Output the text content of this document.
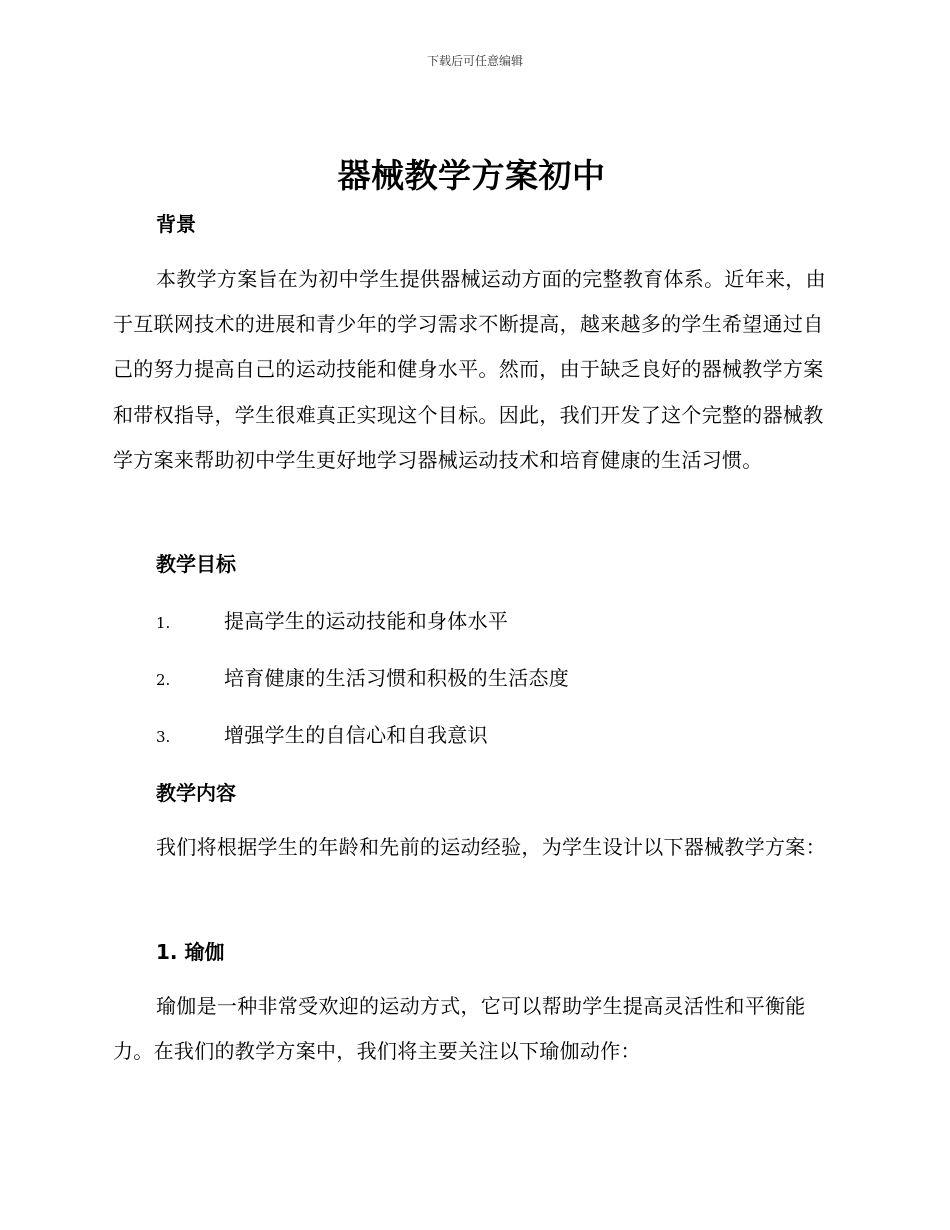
下载后可任意编辑
器械教学方案初中
背景
本教学方案旨在为初中学生提供器械运动方面的完整教育体系。近年来，由于互联网技术的进展和青少年的学习需求不断提高，越来越多的学生希望通过自己的努力提高自己的运动技能和健身水平。然而，由于缺乏良好的器械教学方案和带权指导，学生很难真正实现这个目标。因此，我们开发了这个完整的器械教学方案来帮助初中学生更好地学习器械运动技术和培育健康的生活习惯。
教学目标
1.	提高学生的运动技能和身体水平
2.	培育健康的生活习惯和积极的生活态度
3.	增强学生的自信心和自我意识
教学内容
我们将根据学生的年龄和先前的运动经验，为学生设计以下器械教学方案：
1. 瑜伽
瑜伽是一种非常受欢迎的运动方式，它可以帮助学生提高灵活性和平衡能力。在我们的教学方案中，我们将主要关注以下瑜伽动作：
